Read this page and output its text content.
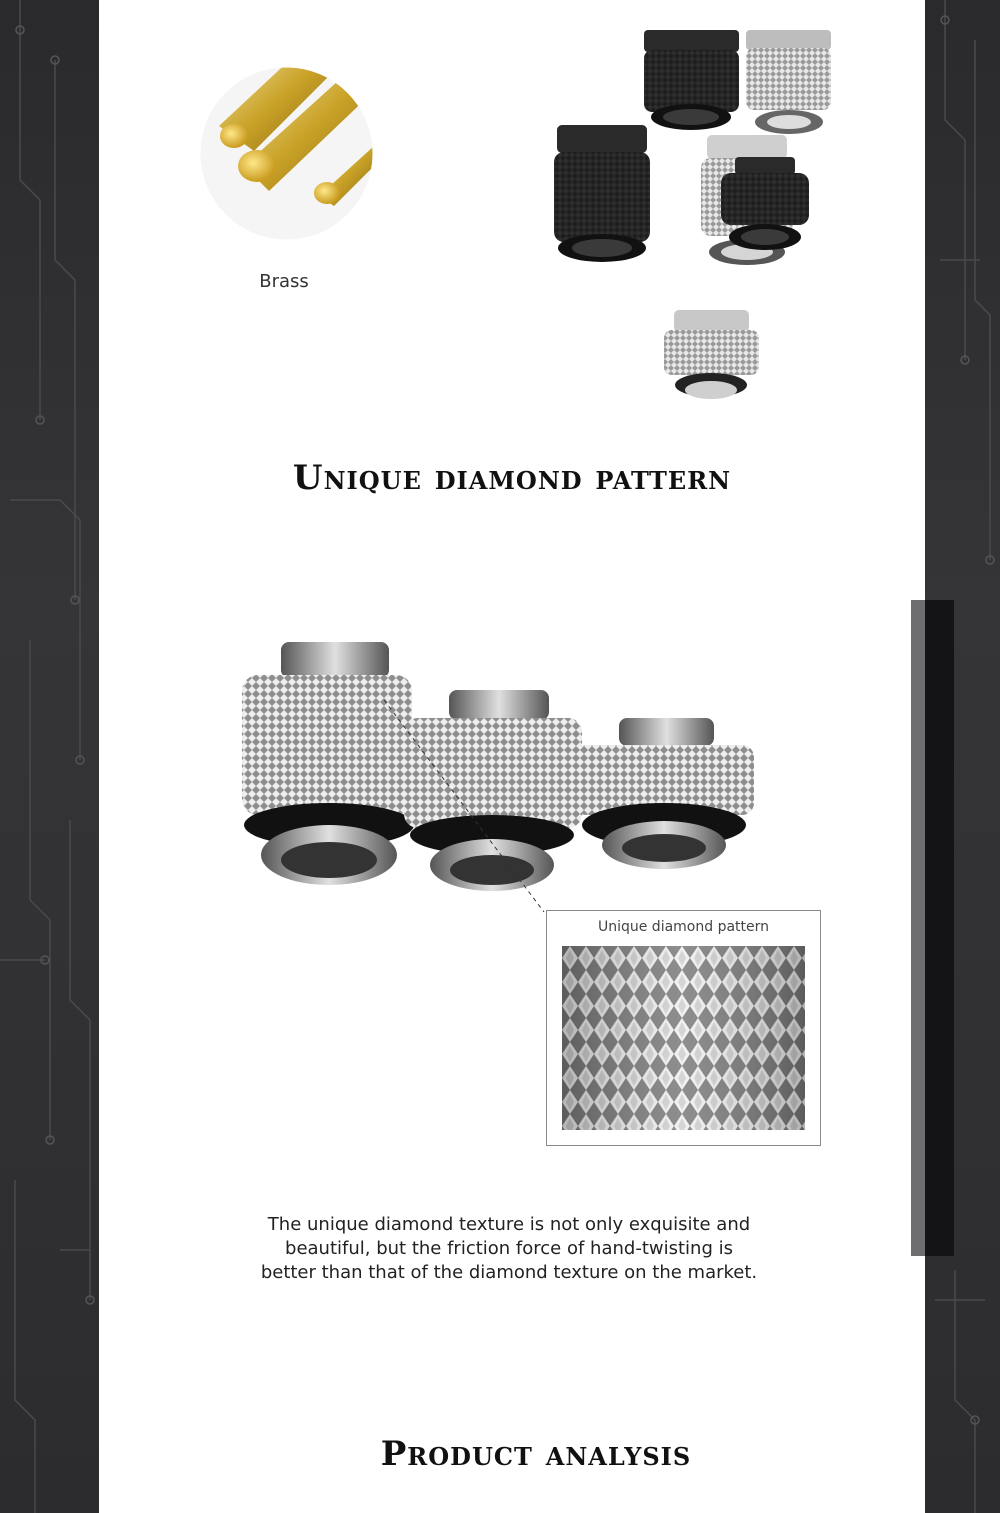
Brass
Unique diamond pattern
Unique diamond pattern

The unique diamond texture is not only exquisite and beautiful, but the friction force of hand-twisting is better than that of the diamond texture on the market.

Product analysis
